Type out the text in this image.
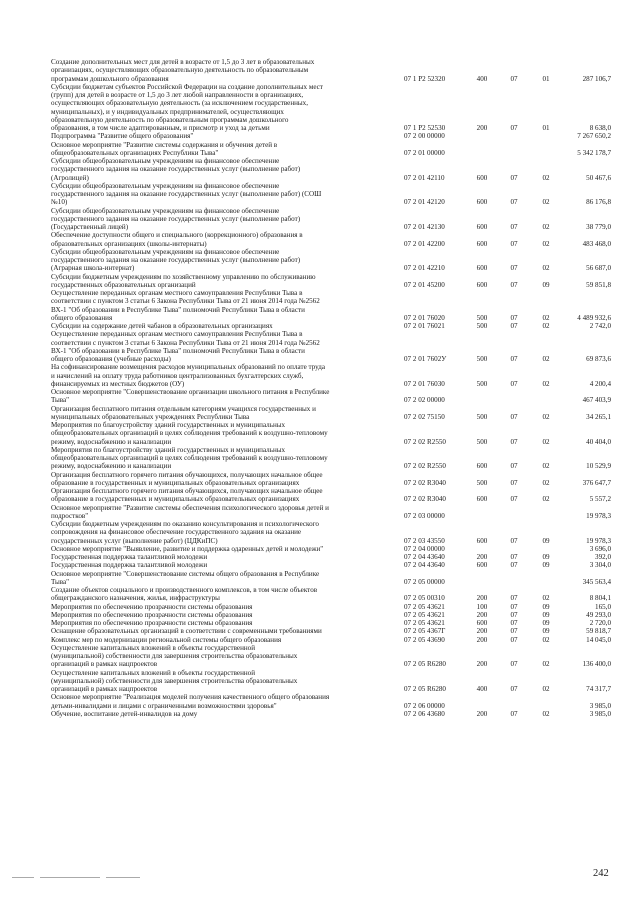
Создание дополнительных мест для детей в возрасте от 1,5 до 3 лет в образовательных
организациях, осуществляющих образовательную деятельность по образовательным
программам дошкольного образования	07 1 P2 52320	400	07	01	287 106,7
Субсидии бюджетам субъектов Российской Федерации на создание дополнительных мест
(групп) для детей в возрасте от 1,5 до 3 лет любой направленности в организациях,
осуществляющих образовательную деятельность (за исключением государственных,
муниципальных), и у индивидуальных предпринимателей, осуществляющих
образовательную деятельность по образовательным программам дошкольного
образования, в том числе адаптированным, и присмотр и уход за детьми	07 1 P2 52530	200	07	01	8 638,0
Подпрограмма "Развитие общего образования"	07 2 00 00000	7 267 650,2
Основное мероприятие "Развитие системы содержания и обучения детей в
общеобразовательных организациях Республики Тыва"	07 2 01 00000	5 342 178,7
Субсидии общеобразовательным учреждениям на финансовое обеспечение
государственного задания на оказание государственных услуг (выполнение работ)
(Агролицей)	07 2 01 42110	600	07	02	50 467,6
Субсидии общеобразовательным учреждениям на финансовое обеспечение
государственного задания на оказание государственных услуг (выполнение работ) (СОШ
№10)	07 2 01 42120	600	07	02	86 176,8
Субсидии общеобразовательным учреждениям на финансовое обеспечение
государственного задания на оказание государственных услуг (выполнение работ)
(Государственный лицей)	07 2 01 42130	600	07	02	38 779,0
Обеспечение доступности общего и специального (коррекционного) образования в
образовательных организациях (школы-интернаты)	07 2 01 42200	600	07	02	483 468,0
Субсидии общеобразовательным учреждениям на финансовое обеспечение
государственного задания на оказание государственных услуг (выполнение работ)
(Аграрная школа-интернат)	07 2 01 42210	600	07	02	56 687,0
Субсидии бюджетным учреждениям по хозяйственному управлению по обслуживанию
государственных образовательных организаций	07 2 01 45200	600	07	09	59 851,8
Осуществление переданных органам местного самоуправления Республики Тыва в
соответствии с пунктом 3 статьи 6 Закона Республики Тыва от 21 июня 2014 года №2562
ВХ-1 "Об образовании в Республике Тыва" полномочий Республики Тыва в области
общего образования	07 2 01 76020	500	07	02	4 489 932,6
Субсидии на содержание детей чабанов в образовательных организациях	07 2 01 76021	500	07	02	2 742,0
Осуществление переданных органам местного самоуправления Республики Тыва в
соответствии с пунктом 3 статьи 6 Закона Республики Тыва от 21 июня 2014 года №2562
ВХ-1 "Об образовании в Республике Тыва" полномочий Республики Тыва в области
общего образования (учебные расходы)	07 2 01 7602У	500	07	02	69 873,6
На софинансирование возмещения расходов муниципальных образований по оплате труда
и начислений на оплату труда работников централизованных бухгалтерских служб,
финансируемых из местных бюджетов (ОУ)	07 2 01 76030	500	07	02	4 200,4
Основное мероприятие "Совершенствование организации школьного питания в Республике
Тыва"	07 2 02 00000	467 403,9
Организация бесплатного питания отдельным категориям учащихся государственных и
муниципальных образовательных учреждениях Республики Тыва	07 2 02 75150	500	07	02	34 265,1
Мероприятия по благоустройству зданий государственных и муниципальных
общеобразовательных организаций в целях соблюдения требований к воздушно-тепловому
режиму, водоснабжению и канализации	07 2 02 R2550	500	07	02	40 404,0
Мероприятия по благоустройству зданий государственных и муниципальных
общеобразовательных организаций в целях соблюдения требований к воздушно-тепловому
режиму, водоснабжению и канализации	07 2 02 R2550	600	07	02	10 529,9
Организация бесплатного горячего питания обучающихся, получающих начальное общее
образование в государственных и муниципальных образовательных организациях	07 2 02 R3040	500	07	02	376 647,7
Организация бесплатного горячего питания обучающихся, получающих начальное общее
образование в государственных и муниципальных образовательных организациях	07 2 02 R3040	600	07	02	5 557,2
Основное мероприятие "Развитие системы обеспечения психологического здоровья детей и
подростков"	07 2 03 00000	19 978,3
Субсидии бюджетным учреждениям по оказанию консультирования и психологического
сопровождения на финансовое обеспечение государственного задания на оказание
государственных услуг (выполнение работ) (ЦДКиПС)	07 2 03 43550	600	07	09	19 978,3
Основное мероприятие "Выявление, развитие и поддержка одаренных детей и молодежи"	07 2 04 00000	3 696,0
Государственная поддержка талантливой молодежи	07 2 04 43640	200	07	09	392,0
Государственная поддержка талантливой молодежи	07 2 04 43640	600	07	09	3 304,0
Основное мероприятие "Совершенствование системы общего образования в Республике
Тыва"	07 2 05 00000	345 563,4
Создание объектов социального и производственного комплексов, в том числе объектов
общегражданского назначения, жилья, инфраструктуры	07 2 05 00310	200	07	02	8 804,1
Мероприятия по обеспечению прозрачности системы образования	07 2 05 43621	100	07	09	165,0
Мероприятия по обеспечению прозрачности системы образования	07 2 05 43621	200	07	09	49 293,0
Мероприятия по обеспечению прозрачности системы образования	07 2 05 43621	600	07	09	2 720,0
Оснащение образовательных организаций в соответствии с современными требованиями	07 2 05 4367Г	200	07	09	59 818,7
Комплекс мер по модернизации региональной системы общего образования	07 2 05 43690	200	07	02	14 045,0
Осуществление капитальных вложений в объекты государственной
(муниципальной) собственности для завершения строительства образовательных
организаций в рамках нацпроектов	07 2 05 R6280	200	07	02	136 400,0
Осуществление капитальных вложений в объекты государственной
(муниципальной) собственности для завершения строительства образовательных
организаций в рамках нацпроектов	07 2 05 R6280	400	07	02	74 317,7
Основное мероприятие "Реализация моделей получения качественного общего образования
детьми-инвалидами и лицами с ограниченными возможностями здоровья"	07 2 06 00000	3 985,0
Обучение, воспитание детей-инвалидов на дому	07 2 06 43680	200	07	02	3 985,0
242
